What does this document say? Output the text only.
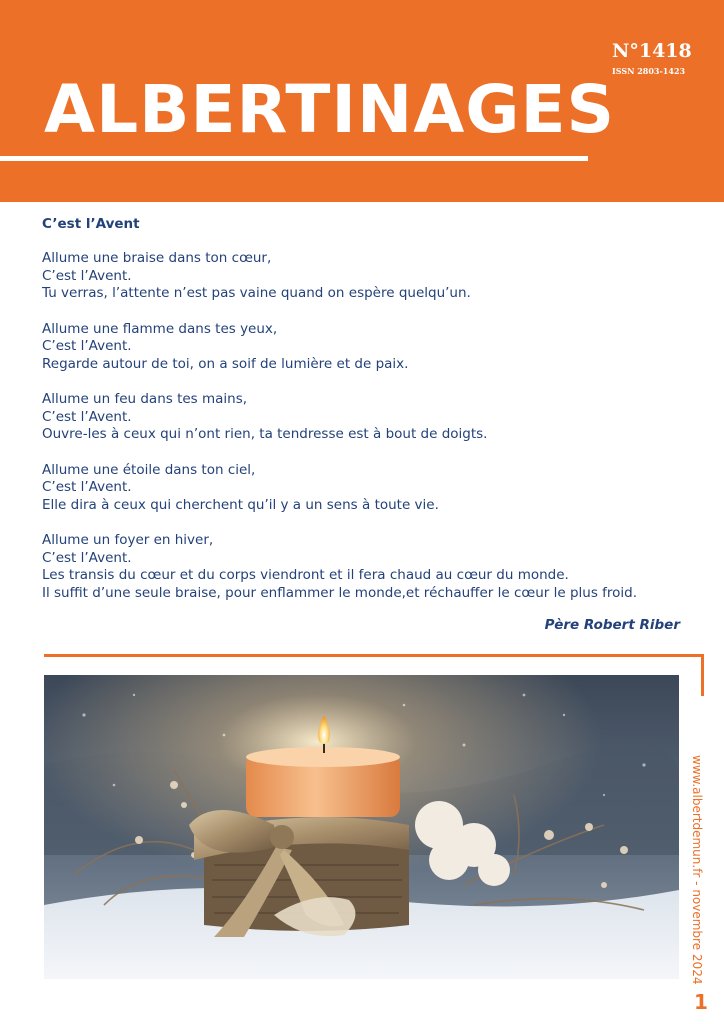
ALBERTINAGES
N°1418
ISSN 2803-1423
C’est l’Avent
Allume une braise dans ton cœur,
C’est l’Avent.
Tu verras, l’attente n’est pas vaine quand on espère quelqu’un.
Allume une flamme dans tes yeux,
C’est l’Avent.
Regarde autour de toi, on a soif de lumière et de paix.
Allume un feu dans tes mains,
C’est l’Avent.
Ouvre-les à ceux qui n’ont rien, ta tendresse est à bout de doigts.
Allume une étoile dans ton ciel,
C’est l’Avent.
Elle dira à ceux qui cherchent qu’il y a un sens à toute vie.
Allume un foyer en hiver,
C’est l’Avent.
Les transis du cœur et du corps viendront et il fera chaud au cœur du monde.
Il suffit d’une seule braise, pour enflammer le monde,et réchauffer le cœur le plus froid.
Père Robert Riber
www.albertdemun.fr - novembre 2024
1
